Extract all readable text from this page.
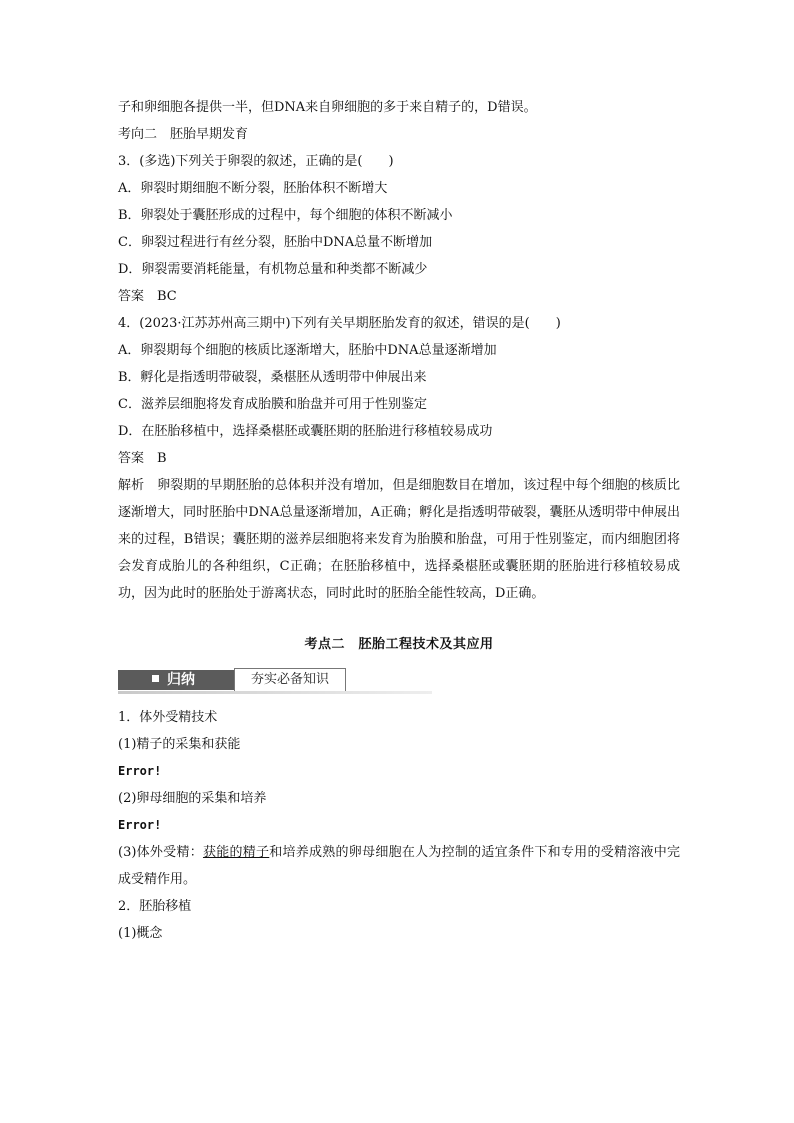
子和卵细胞各提供一半，但DNA来自卵细胞的多于来自精子的，D错误。
考向二　胚胎早期发育
3．(多选)下列关于卵裂的叙述，正确的是(　　)
A．卵裂时期细胞不断分裂，胚胎体积不断增大
B．卵裂处于囊胚形成的过程中，每个细胞的体积不断减小
C．卵裂过程进行有丝分裂，胚胎中DNA总量不断增加
D．卵裂需要消耗能量，有机物总量和种类都不断减少
答案　BC
4．(2023·江苏苏州高三期中)下列有关早期胚胎发育的叙述，错误的是(　　)
A．卵裂期每个细胞的核质比逐渐增大，胚胎中DNA总量逐渐增加
B．孵化是指透明带破裂，桑椹胚从透明带中伸展出来
C．滋养层细胞将发育成胎膜和胎盘并可用于性别鉴定
D．在胚胎移植中，选择桑椹胚或囊胚期的胚胎进行移植较易成功
答案　B
解析　卵裂期的早期胚胎的总体积并没有增加，但是细胞数目在增加，该过程中每个细胞的核质比逐渐增大，同时胚胎中DNA总量逐渐增加，A正确；孵化是指透明带破裂，囊胚从透明带中伸展出来的过程，B错误；囊胚期的滋养层细胞将来发育为胎膜和胎盘，可用于性别鉴定，而内细胞团将会发育成胎儿的各种组织，C正确；在胚胎移植中，选择桑椹胚或囊胚期的胚胎进行移植较易成功，因为此时的胚胎处于游离状态，同时此时的胚胎全能性较高，D正确。
考点二　胚胎工程技术及其应用
归纳	夯实必备知识
1．体外受精技术
(1)精子的采集和获能
Error!
(2)卵母细胞的采集和培养
Error!
(3)体外受精：获能的精子和培养成熟的卵母细胞在人为控制的适宜条件下和专用的受精溶液中完成受精作用。
2．胚胎移植
(1)概念
